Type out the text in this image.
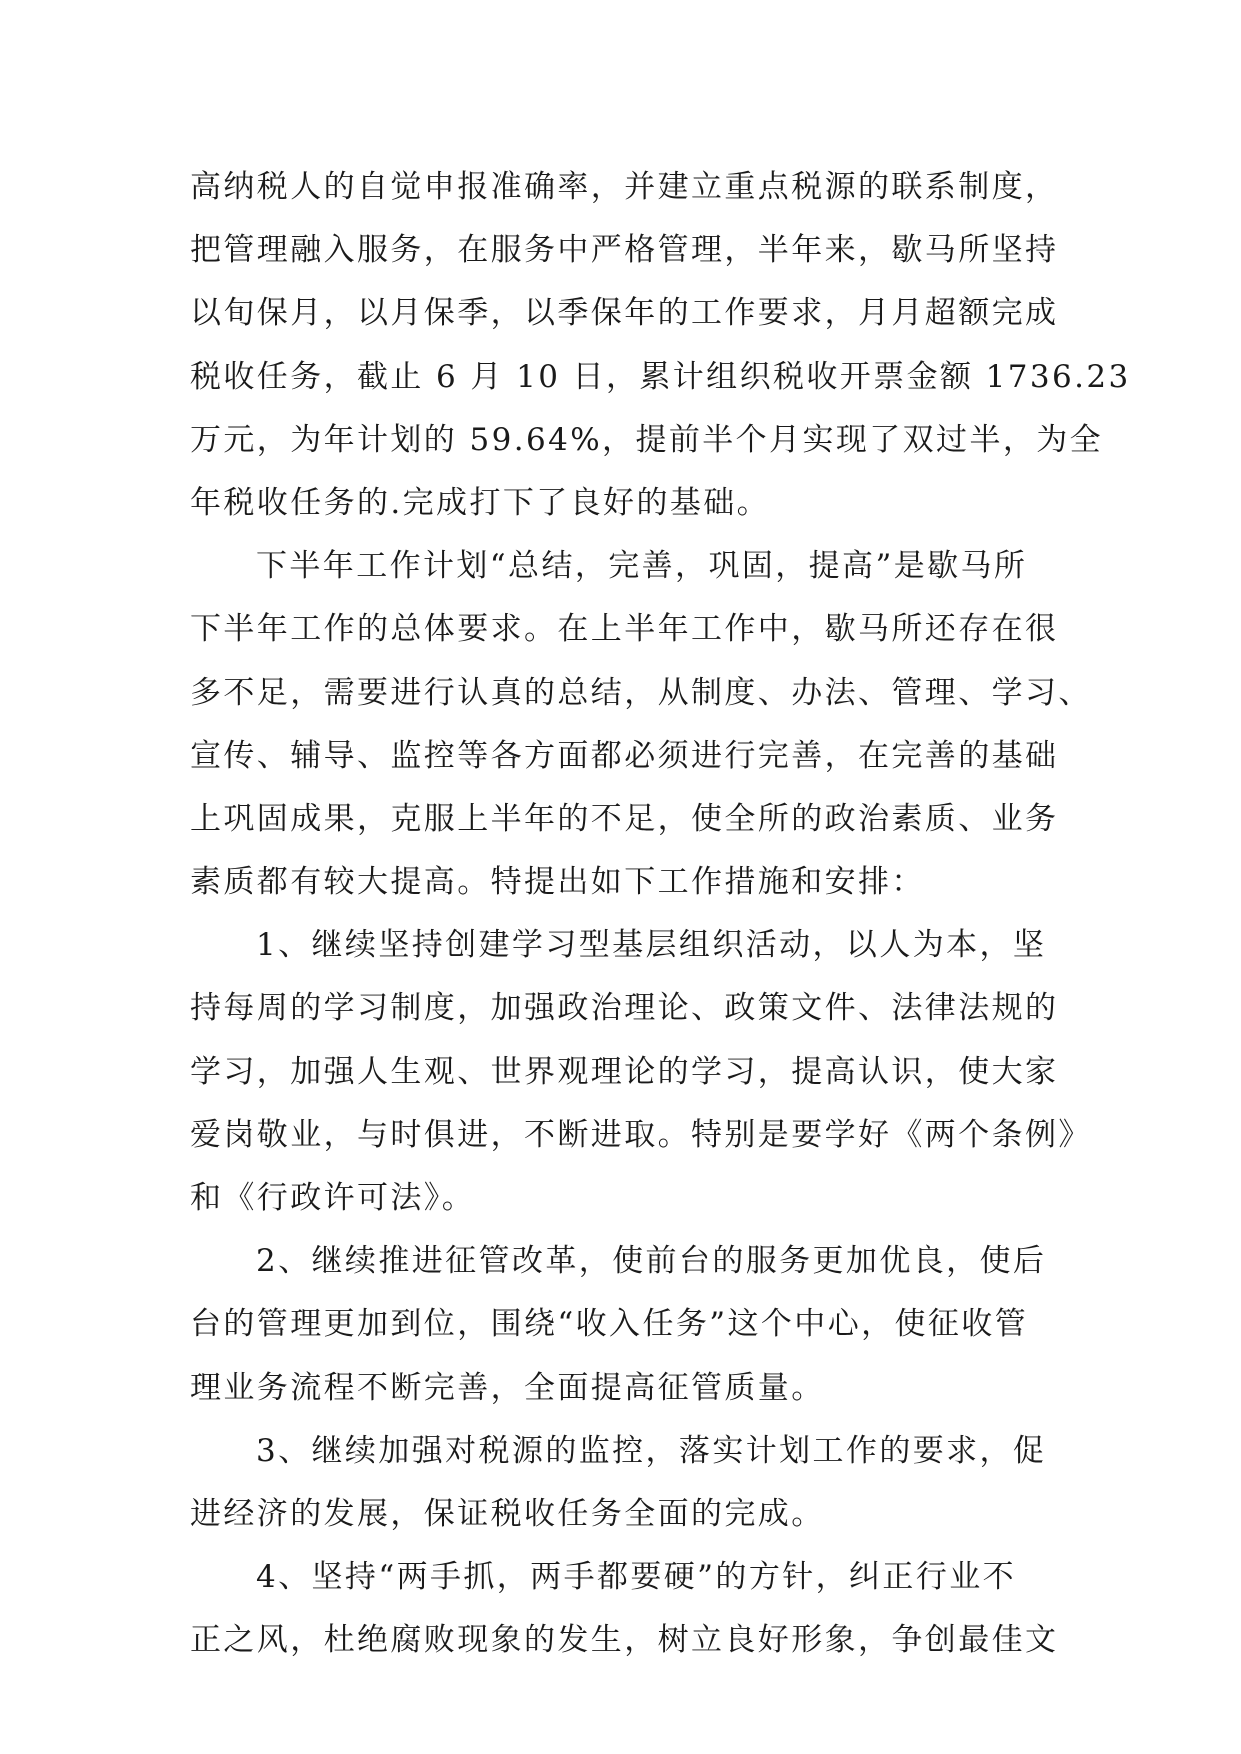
高纳税人的自觉申报准确率，并建立重点税源的联系制度，
把管理融入服务，在服务中严格管理，半年来，歇马所坚持
以旬保月，以月保季，以季保年的工作要求，月月超额完成
税收任务，截止 6 月 10 日，累计组织税收开票金额 1736.23
万元，为年计划的 59.64%，提前半个月实现了双过半，为全
年税收任务的.完成打下了良好的基础。
下半年工作计划“总结，完善，巩固，提高”是歇马所
下半年工作的总体要求。在上半年工作中，歇马所还存在很
多不足，需要进行认真的总结，从制度、办法、管理、学习、
宣传、辅导、监控等各方面都必须进行完善，在完善的基础
上巩固成果，克服上半年的不足，使全所的政治素质、业务
素质都有较大提高。特提出如下工作措施和安排：
1、继续坚持创建学习型基层组织活动，以人为本，坚
持每周的学习制度，加强政治理论、政策文件、法律法规的
学习，加强人生观、世界观理论的学习，提高认识，使大家
爱岗敬业，与时俱进，不断进取。特别是要学好《两个条例》
和《行政许可法》。
2、继续推进征管改革，使前台的服务更加优良，使后
台的管理更加到位，围绕“收入任务”这个中心，使征收管
理业务流程不断完善，全面提高征管质量。
3、继续加强对税源的监控，落实计划工作的要求，促
进经济的发展，保证税收任务全面的完成。
4、坚持“两手抓，两手都要硬”的方针，纠正行业不
正之风，杜绝腐败现象的发生，树立良好形象，争创最佳文
